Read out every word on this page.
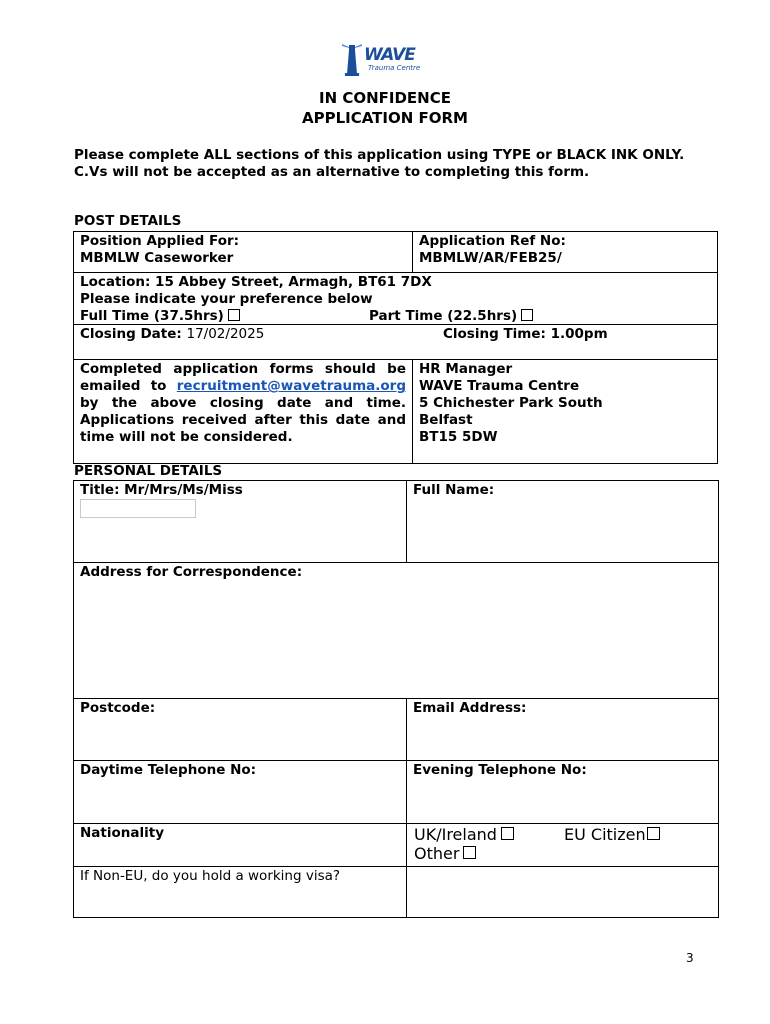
WAVE
Trauma Centre
IN CONFIDENCE
APPLICATION FORM
Please complete ALL sections of this application using TYPE or BLACK INK ONLY. C.Vs will not be accepted as an alternative to completing this form.
POST DETAILS
Position Applied For:
MBMLW Caseworker
Application Ref No:
MBMLW/AR/FEB25/
Location: 15 Abbey Street, Armagh, BT61 7DX
Please indicate your preference below
Full Time (37.5hrs)	Part Time (22.5hrs)
Closing Date: 17/02/2025	Closing Time: 1.00pm
Completed application forms should be emailed to recruitment@wavetrauma.org by the above closing date and time. Applications received after this date and time will not be considered.
HR Manager
WAVE Trauma Centre
5 Chichester Park South
Belfast
BT15 5DW
PERSONAL DETAILS
Title: Mr/Mrs/Ms/Miss	Full Name:
Address for Correspondence:
Postcode:	Email Address:
Daytime Telephone No:	Evening Telephone No:
Nationality	UK/Ireland	EU Citizen
Other
If Non-EU, do you hold a working visa?
3
